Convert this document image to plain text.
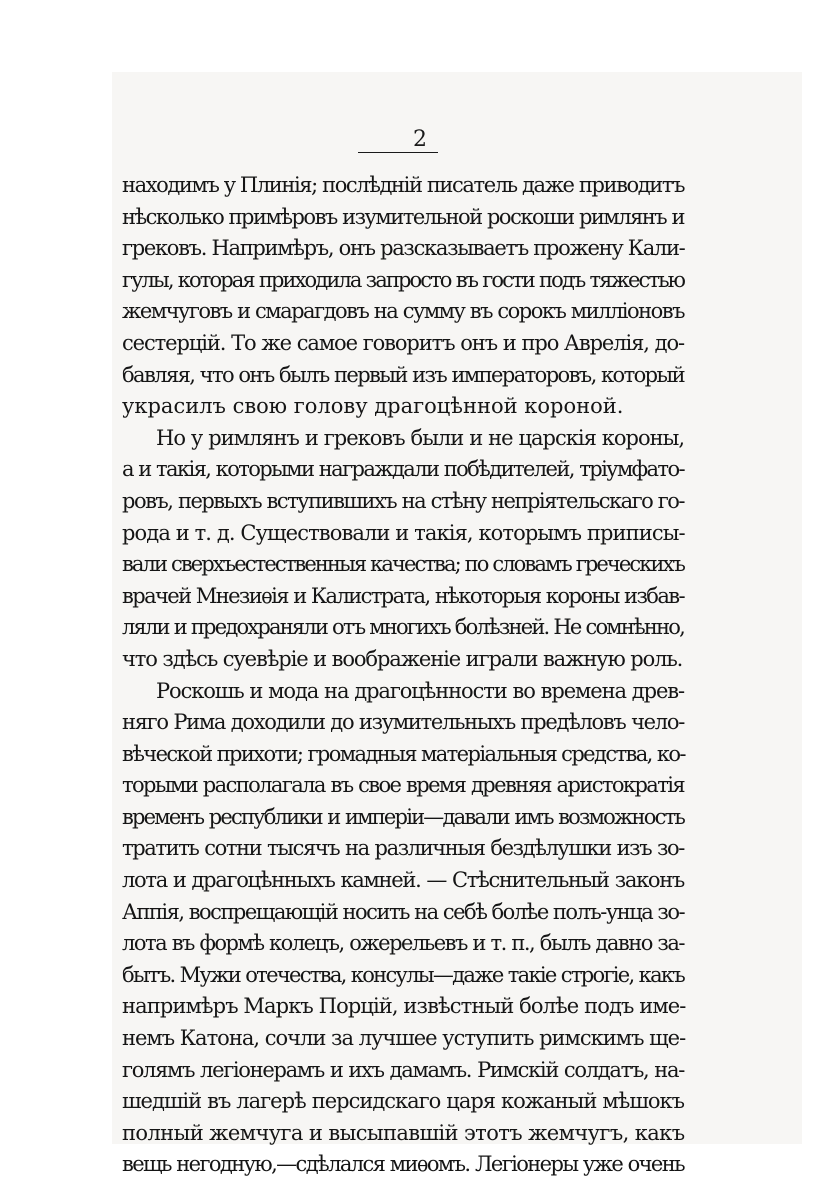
2
находимъ у Плинія; послѣдній писатель даже приводитъ
нѣсколько примѣровъ изумительной роскоши римлянъ и
грековъ. Напримѣръ, онъ разсказываетъ прожену Кали-
гулы, которая приходила запросто въ гости подъ тяжестью
жемчуговъ и смарагдовъ на сумму въ сорокъ милліоновъ
сестерцій. То же самое говоритъ онъ и про Аврелія, до-
бавляя, что онъ былъ первый изъ императоровъ, который
украсилъ свою голову драгоцѣнной короной.
Но у римлянъ и грековъ были и не царскія короны,
а и такія, которыми награждали побѣдителей, тріумфато-
ровъ, первыхъ вступившихъ на стѣну непріятельскаго го-
рода и т. д. Существовали и такія, которымъ приписы-
вали сверхъестественныя качества; по словамъ греческихъ
врачей Мнезиѳія и Калистрата, нѣкоторыя короны избав-
ляли и предохраняли отъ многихъ болѣзней. Не сомнѣнно,
что здѣсь суевѣріе и воображеніе играли важную роль.
Роскошь и мода на драгоцѣнности во времена древ-
няго Рима доходили до изумительныхъ предѣловъ чело-
вѣческой прихоти; громадныя матеріальныя средства, ко-
торыми располагала въ свое время древняя аристократія
временъ республики и имперіи—давали имъ возможность
тратить сотни тысячъ на различныя бездѣлушки изъ зо-
лота и драгоцѣнныхъ камней. — Стѣснительный законъ
Аппія, воспрещающій носить на себѣ болѣе полъ-унца зо-
лота въ формѣ колецъ, ожерельевъ и т. п., былъ давно за-
бытъ. Мужи отечества, консулы—даже такіе строгіе, какъ
напримѣръ Маркъ Порцій, извѣстный болѣе подъ име-
немъ Катона, сочли за лучшее уступить римскимъ ще-
голямъ легіонерамъ и ихъ дамамъ. Римскій солдатъ, на-
шедшій въ лагерѣ персидскаго царя кожаный мѣшокъ
полный жемчуга и высыпавшій этотъ жемчугъ, какъ
вещь негодную,—сдѣлался миѳомъ. Легіонеры уже очень
